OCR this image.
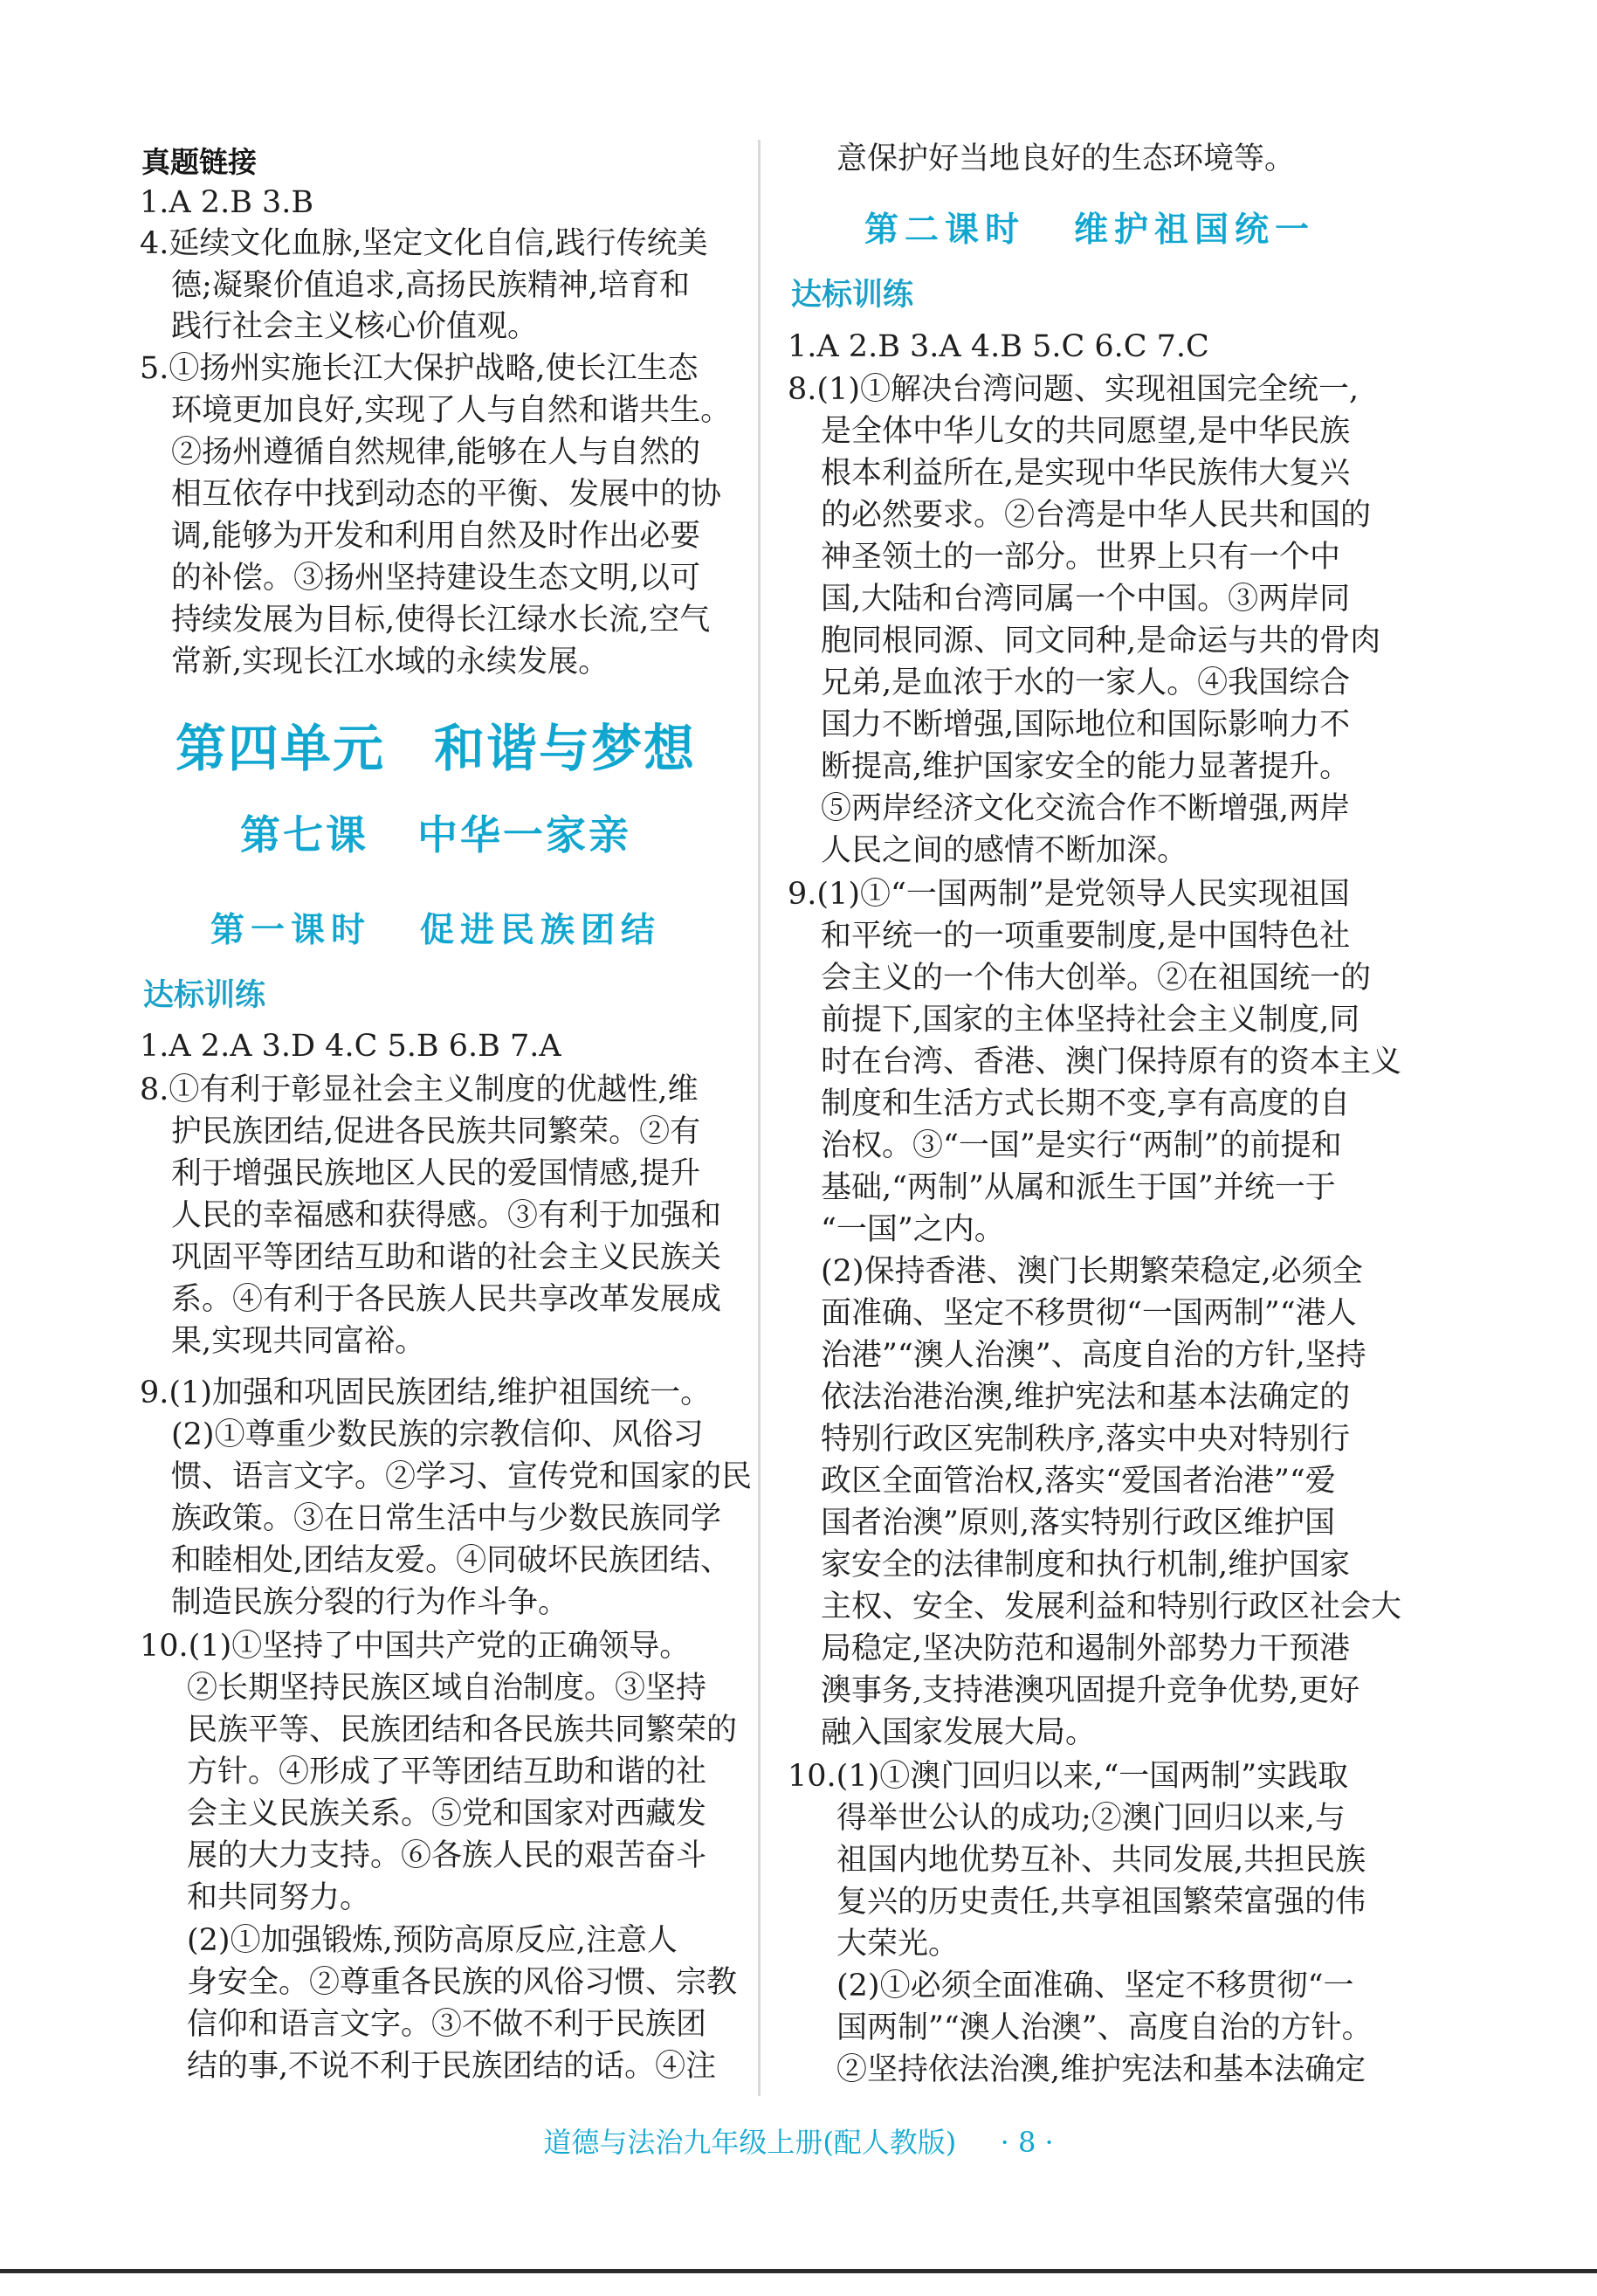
真题链接
1.A 2.B 3.B
4.延续文化血脉,坚定文化自信,践行传统美
德;凝聚价值追求,高扬民族精神,培育和
践行社会主义核心价值观。
5.①扬州实施长江大保护战略,使长江生态
环境更加良好,实现了人与自然和谐共生。
②扬州遵循自然规律,能够在人与自然的
相互依存中找到动态的平衡、发展中的协
调,能够为开发和利用自然及时作出必要
的补偿。③扬州坚持建设生态文明,以可
持续发展为目标,使得长江绿水长流,空气
常新,实现长江水域的永续发展。
第四单元 和谐与梦想
第七课 中华一家亲
第一课时 促进民族团结
达标训练
1.A 2.A 3.D 4.C 5.B 6.B 7.A
8.①有利于彰显社会主义制度的优越性,维
护民族团结,促进各民族共同繁荣。②有
利于增强民族地区人民的爱国情感,提升
人民的幸福感和获得感。③有利于加强和
巩固平等团结互助和谐的社会主义民族关
系。④有利于各民族人民共享改革发展成
果,实现共同富裕。
9.(1)加强和巩固民族团结,维护祖国统一。
(2)①尊重少数民族的宗教信仰、风俗习
惯、语言文字。②学习、宣传党和国家的民
族政策。③在日常生活中与少数民族同学
和睦相处,团结友爱。④同破坏民族团结、
制造民族分裂的行为作斗争。
10.(1)①坚持了中国共产党的正确领导。
②长期坚持民族区域自治制度。③坚持
民族平等、民族团结和各民族共同繁荣的
方针。④形成了平等团结互助和谐的社
会主义民族关系。⑤党和国家对西藏发
展的大力支持。⑥各族人民的艰苦奋斗
和共同努力。
(2)①加强锻炼,预防高原反应,注意人
身安全。②尊重各民族的风俗习惯、宗教
信仰和语言文字。③不做不利于民族团
结的事,不说不利于民族团结的话。④注
意保护好当地良好的生态环境等。
第二课时 维护祖国统一
达标训练
1.A 2.B 3.A 4.B 5.C 6.C 7.C
8.(1)①解决台湾问题、实现祖国完全统一,
是全体中华儿女的共同愿望,是中华民族
根本利益所在,是实现中华民族伟大复兴
的必然要求。②台湾是中华人民共和国的
神圣领土的一部分。世界上只有一个中
国,大陆和台湾同属一个中国。③两岸同
胞同根同源、同文同种,是命运与共的骨肉
兄弟,是血浓于水的一家人。④我国综合
国力不断增强,国际地位和国际影响力不
断提高,维护国家安全的能力显著提升。
⑤两岸经济文化交流合作不断增强,两岸
人民之间的感情不断加深。
9.(1)①“一国两制”是党领导人民实现祖国
和平统一的一项重要制度,是中国特色社
会主义的一个伟大创举。②在祖国统一的
前提下,国家的主体坚持社会主义制度,同
时在台湾、香港、澳门保持原有的资本主义
制度和生活方式长期不变,享有高度的自
治权。③“一国”是实行“两制”的前提和
基础,“两制”从属和派生于国”并统一于
“一国”之内。
(2)保持香港、澳门长期繁荣稳定,必须全
面准确、坚定不移贯彻“一国两制”“港人
治港”“澳人治澳”、高度自治的方针,坚持
依法治港治澳,维护宪法和基本法确定的
特别行政区宪制秩序,落实中央对特别行
政区全面管治权,落实“爱国者治港”“爱
国者治澳”原则,落实特别行政区维护国
家安全的法律制度和执行机制,维护国家
主权、安全、发展利益和特别行政区社会大
局稳定,坚决防范和遏制外部势力干预港
澳事务,支持港澳巩固提升竞争优势,更好
融入国家发展大局。
10.(1)①澳门回归以来,“一国两制”实践取
得举世公认的成功;②澳门回归以来,与
祖国内地优势互补、共同发展,共担民族
复兴的历史责任,共享祖国繁荣富强的伟
大荣光。
(2)①必须全面准确、坚定不移贯彻“一
国两制”“澳人治澳”、高度自治的方针。
②坚持依法治澳,维护宪法和基本法确定
道德与法治九年级上册(配人教版) · 8 ·
